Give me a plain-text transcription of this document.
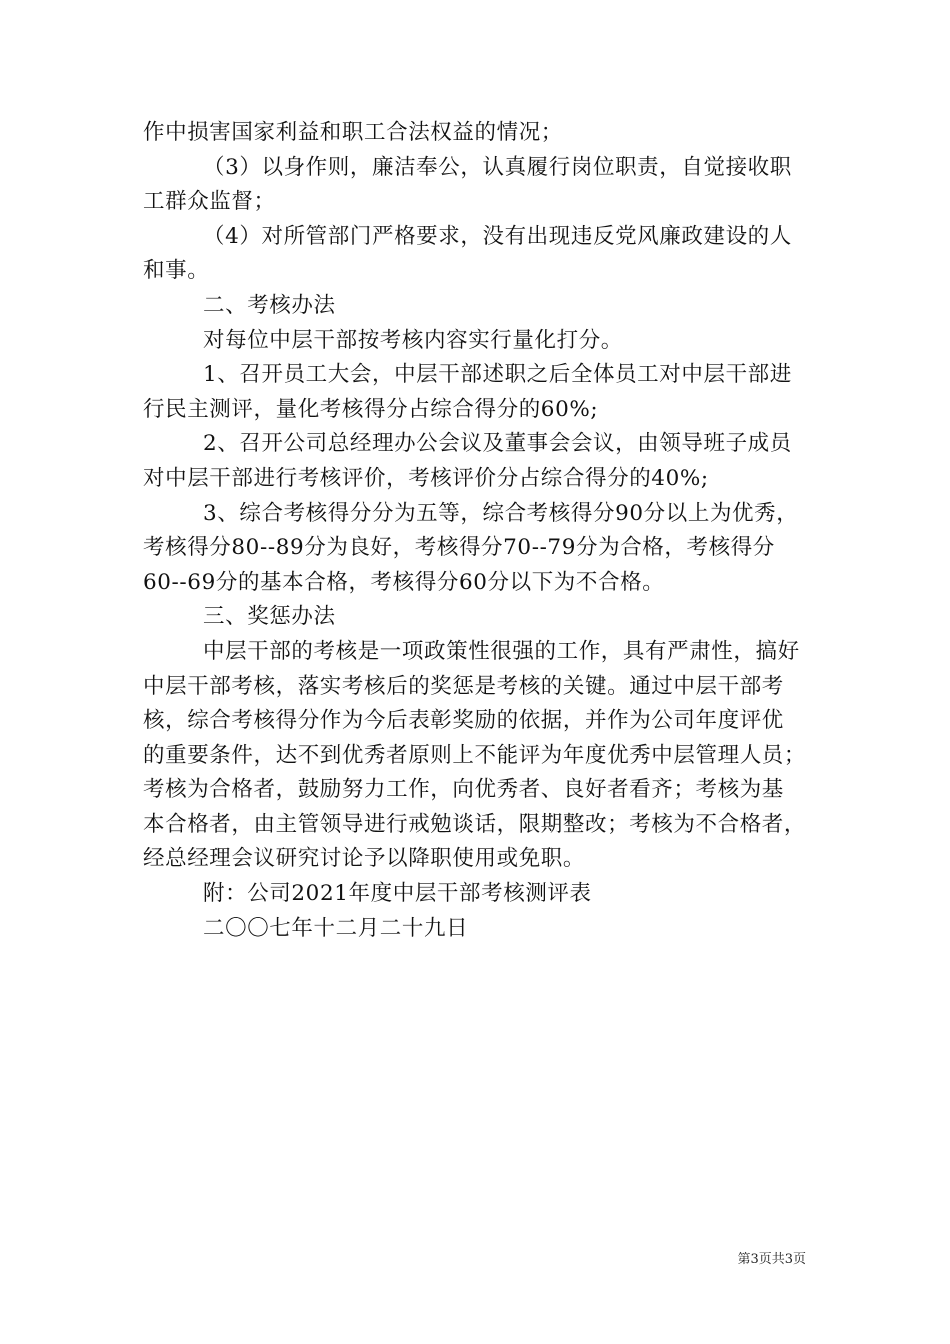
作中损害国家利益和职工合法权益的情况；
（3）以身作则，廉洁奉公，认真履行岗位职责，自觉接收职
工群众监督；
（4）对所管部门严格要求，没有出现违反党风廉政建设的人
和事。
二、考核办法
对每位中层干部按考核内容实行量化打分。
1、召开员工大会，中层干部述职之后全体员工对中层干部进
行民主测评，量化考核得分占综合得分的60%;
2、召开公司总经理办公会议及董事会会议，由领导班子成员
对中层干部进行考核评价，考核评价分占综合得分的40%;
3、综合考核得分分为五等，综合考核得分90分以上为优秀，
考核得分80--89分为良好，考核得分70--79分为合格，考核得分
60--69分的基本合格，考核得分60分以下为不合格。
三、奖惩办法
中层干部的考核是一项政策性很强的工作，具有严肃性，搞好
中层干部考核，落实考核后的奖惩是考核的关键。通过中层干部考
核，综合考核得分作为今后表彰奖励的依据，并作为公司年度评优
的重要条件，达不到优秀者原则上不能评为年度优秀中层管理人员；
考核为合格者，鼓励努力工作，向优秀者、良好者看齐；考核为基
本合格者，由主管领导进行戒勉谈话，限期整改；考核为不合格者，
经总经理会议研究讨论予以降职使用或免职。
附：公司2021年度中层干部考核测评表
二〇〇七年十二月二十九日
第3页共3页
